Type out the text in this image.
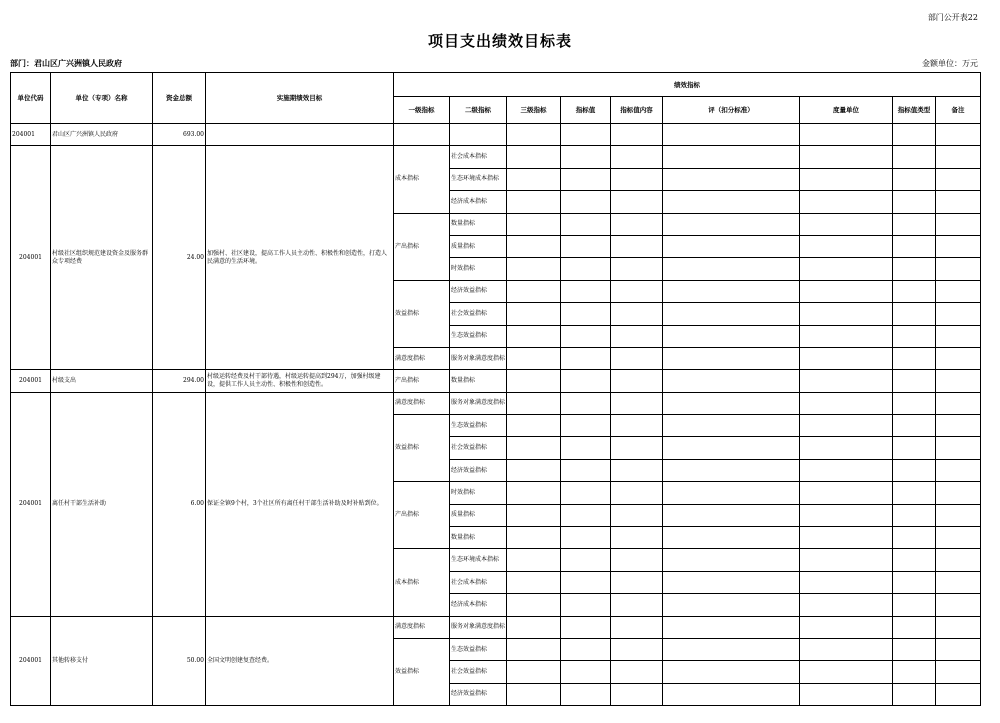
部门公开表22
项目支出绩效目标表
部门：君山区广兴洲镇人民政府	金额单位：万元
单位代码	单位（专项）名称	资金总额	实施期绩效目标	绩效指标									
				一级指标	二级指标	三级指标	指标值	指标值内容	评（扣分标准）	度量单位	指标值类型	备注	
204001	君山区广兴洲镇人民政府	693.00											
204001	村级社区组织规范建设资金及服务群众专项经费	24.00	加强村、社区建设，提高工作人员主动性、积极性和创造性，打造人民满意的生活环境。	成本指标	社会成本指标								
					生态环境成本指标								
					经济成本指标								
				产出指标	数量指标								
					质量指标								
					时效指标								
				效益指标	经济效益指标								
					社会效益指标								
					生态效益指标								
				满意度指标	服务对象满意度指标								
204001	村级支出	294.00	村级运转经费及村干部待遇，村级运转提高到294万，加强村级建设，提供工作人员主动性、积极性和创造性。	产出指标	数量指标								
204001	离任村干部生活补助	6.00	保证全镇9个村，3个社区所有离任村干部生活补助及时补贴到位。	满意度指标	服务对象满意度指标								
				效益指标	生态效益指标								
					社会效益指标								
					经济效益指标								
				产出指标	时效指标								
					质量指标								
					数量指标								
				成本指标	生态环境成本指标								
					社会成本指标								
					经济成本指标								
204001	其他转移支付	50.00	全国文明创建复查经费。	满意度指标	服务对象满意度指标								
				效益指标	生态效益指标								
					社会效益指标								
					经济效益指标								
